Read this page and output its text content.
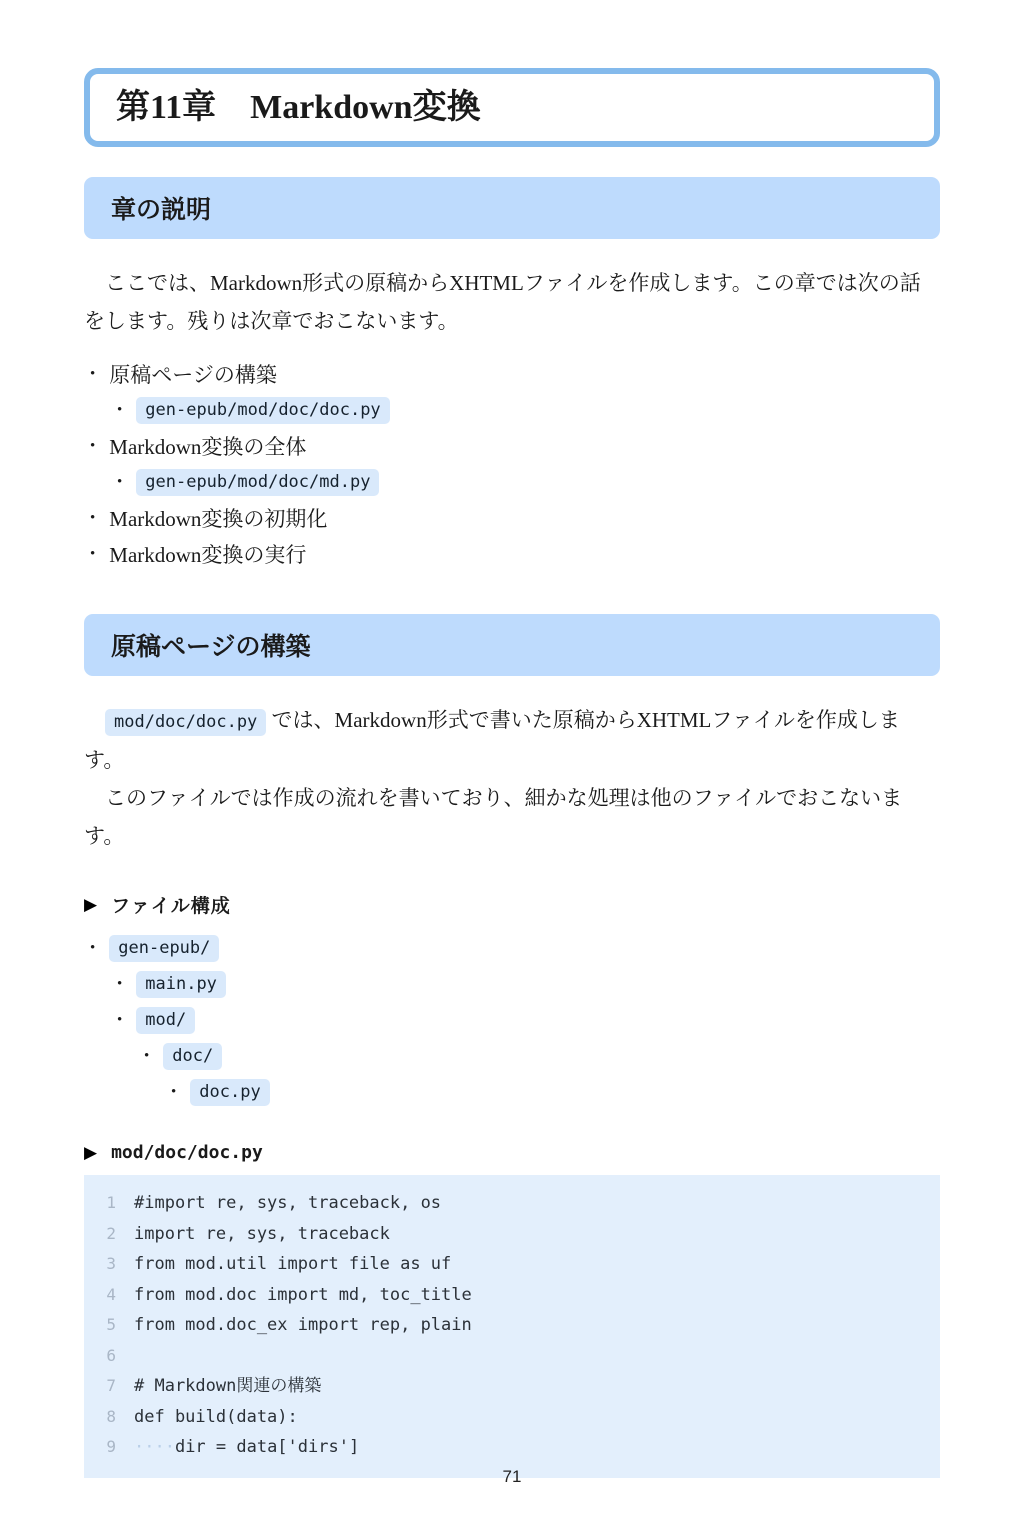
第11章　Markdown変換
章の説明

ここでは、Markdown形式の原稿からXHTMLファイルを作成します。この章では次の話をします。残りは次章でおこないます。

• 原稿ページの構築
•	gen-epub/mod/doc/doc.py
• Markdown変換の全体
•	gen-epub/mod/doc/md.py
• Markdown変換の初期化
• Markdown変換の実行
原稿ページの構築

mod/doc/doc.py では、Markdown形式で書いた原稿からXHTMLファイルを作成します。

このファイルでは作成の流れを書いており、細かな処理は他のファイルでおこないます。

▶ ファイル構成
•	gen-epub/
•	main.py
•	mod/
•	doc/
•	doc.py
▶ mod/doc/doc.py
1 #import re, sys, traceback, os
2 import re, sys, traceback
3 from mod.util import file as uf
4 from mod.doc import md, toc_title
5 from mod.doc_ex import rep, plain
6
7 # Markdown関連の構築
8 def build(data):
9 ···· dir = data['dirs']
71
